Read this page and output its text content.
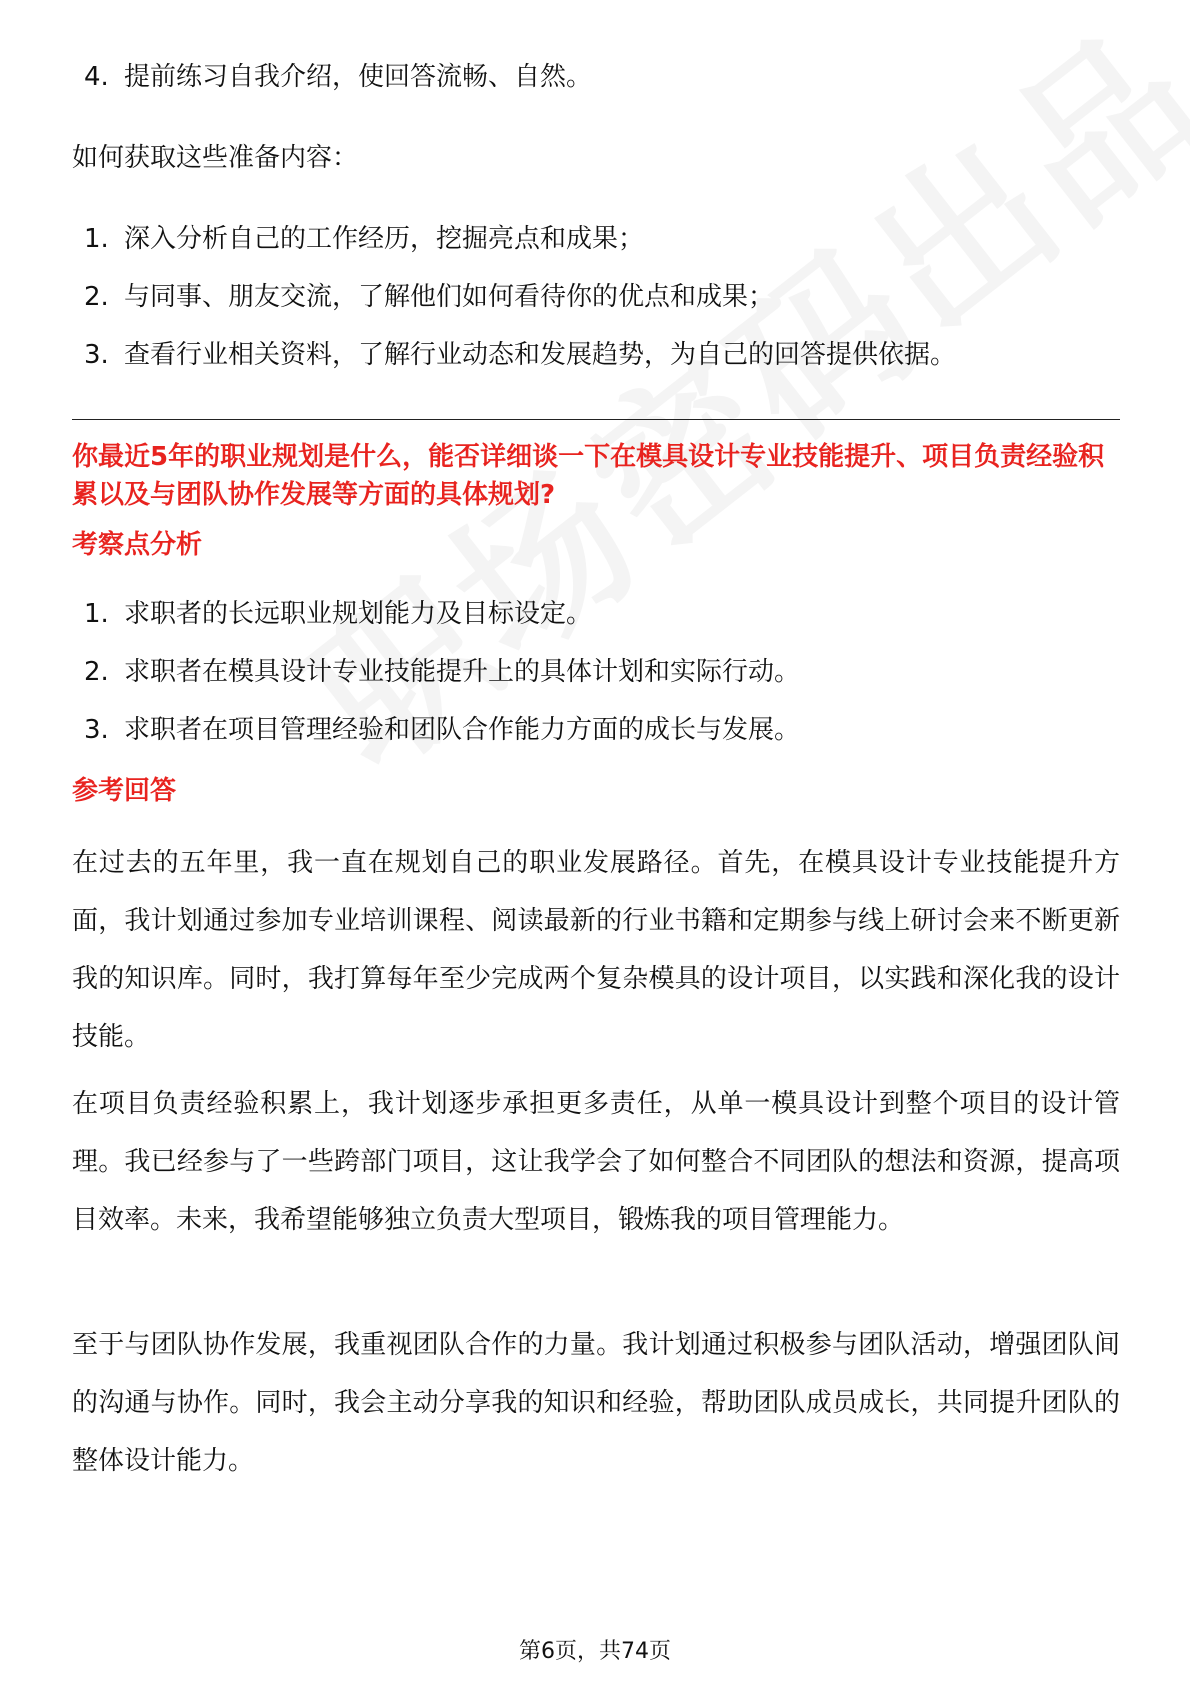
4. 提前练习自我介绍，使回答流畅、自然。
如何获取这些准备内容：
1. 深入分析自己的工作经历，挖掘亮点和成果；
2. 与同事、朋友交流，了解他们如何看待你的优点和成果；
3. 查看行业相关资料，了解行业动态和发展趋势，为自己的回答提供依据。
你最近5年的职业规划是什么，能否详细谈一下在模具设计专业技能提升、项目负责经验积累以及与团队协作发展等方面的具体规划?
考察点分析
1. 求职者的长远职业规划能力及目标设定。
2. 求职者在模具设计专业技能提升上的具体计划和实际行动。
3. 求职者在项目管理经验和团队合作能力方面的成长与发展。
参考回答

在过去的五年里，我一直在规划自己的职业发展路径。首先，在模具设计专业技能提升方面，我计划通过参加专业培训课程、阅读最新的行业书籍和定期参与线上研讨会来不断更新我的知识库。同时，我打算每年至少完成两个复杂模具的设计项目，以实践和深化我的设计技能。

在项目负责经验积累上，我计划逐步承担更多责任，从单一模具设计到整个项目的设计管理。我已经参与了一些跨部门项目，这让我学会了如何整合不同团队的想法和资源，提高项目效率。未来，我希望能够独立负责大型项目，锻炼我的项目管理能力。

至于与团队协作发展，我重视团队合作的力量。我计划通过积极参与团队活动，增强团队间的沟通与协作。同时，我会主动分享我的知识和经验，帮助团队成员成长，共同提升团队的整体设计能力。

第6页，共74页
